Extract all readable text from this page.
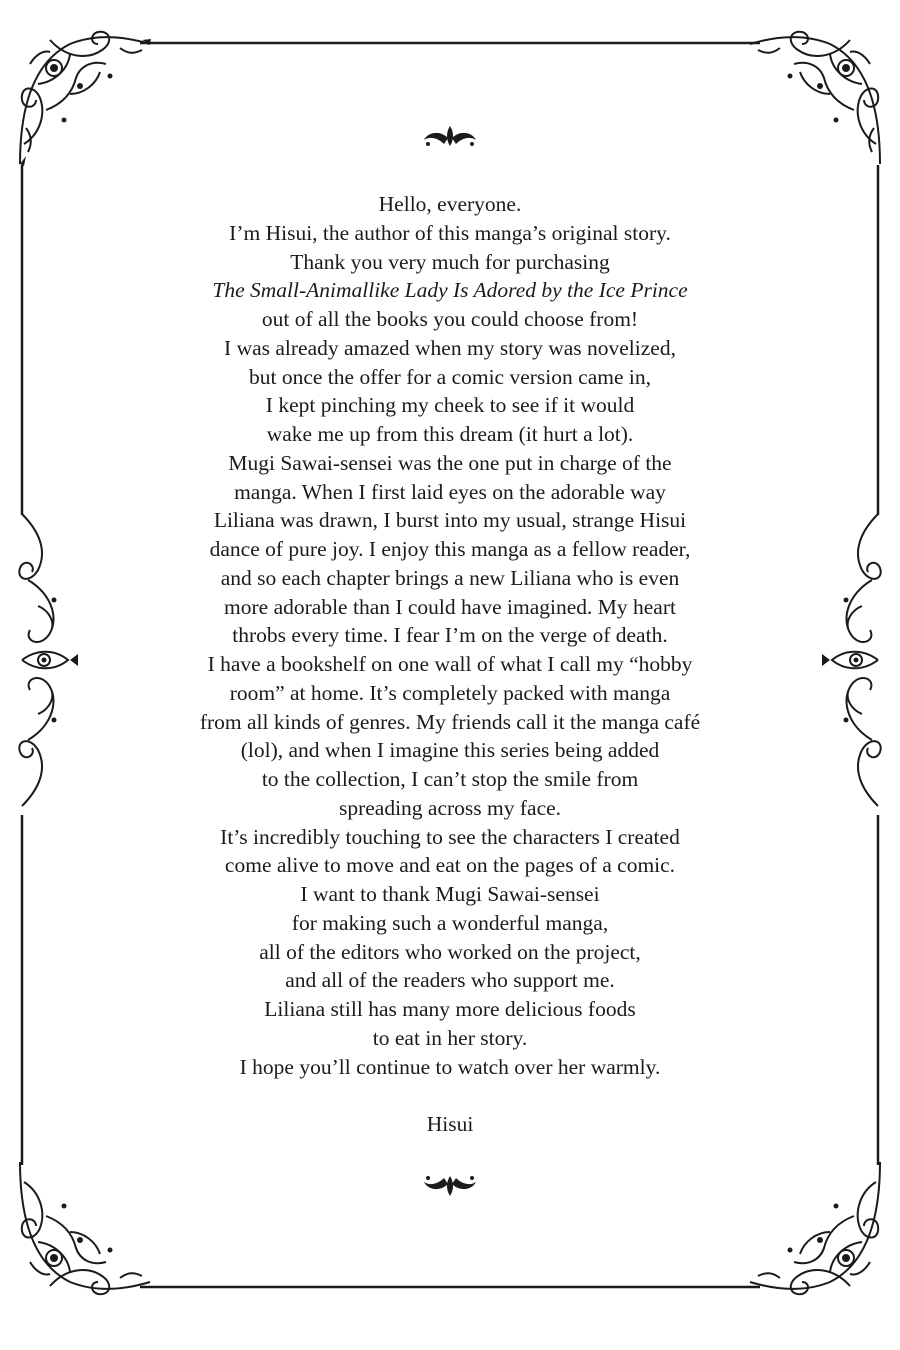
Hello, everyone.
I’m Hisui, the author of this manga’s original story.
Thank you very much for purchasing
The Small-Animallike Lady Is Adored by the Ice Prince
out of all the books you could choose from!
I was already amazed when my story was novelized,
but once the offer for a comic version came in,
I kept pinching my cheek to see if it would
wake me up from this dream (it hurt a lot).
Mugi Sawai-sensei was the one put in charge of the
manga. When I first laid eyes on the adorable way
Liliana was drawn, I burst into my usual, strange Hisui
dance of pure joy. I enjoy this manga as a fellow reader,
and so each chapter brings a new Liliana who is even
more adorable than I could have imagined. My heart
throbs every time. I fear I’m on the verge of death.
I have a bookshelf on one wall of what I call my “hobby
room” at home. It’s completely packed with manga
from all kinds of genres. My friends call it the manga café
(lol), and when I imagine this series being added
to the collection, I can’t stop the smile from
spreading across my face.
It’s incredibly touching to see the characters I created
come alive to move and eat on the pages of a comic.
I want to thank Mugi Sawai-sensei
for making such a wonderful manga,
all of the editors who worked on the project,
and all of the readers who support me.
Liliana still has many more delicious foods
to eat in her story.
I hope you’ll continue to watch over her warmly.
Hisui
